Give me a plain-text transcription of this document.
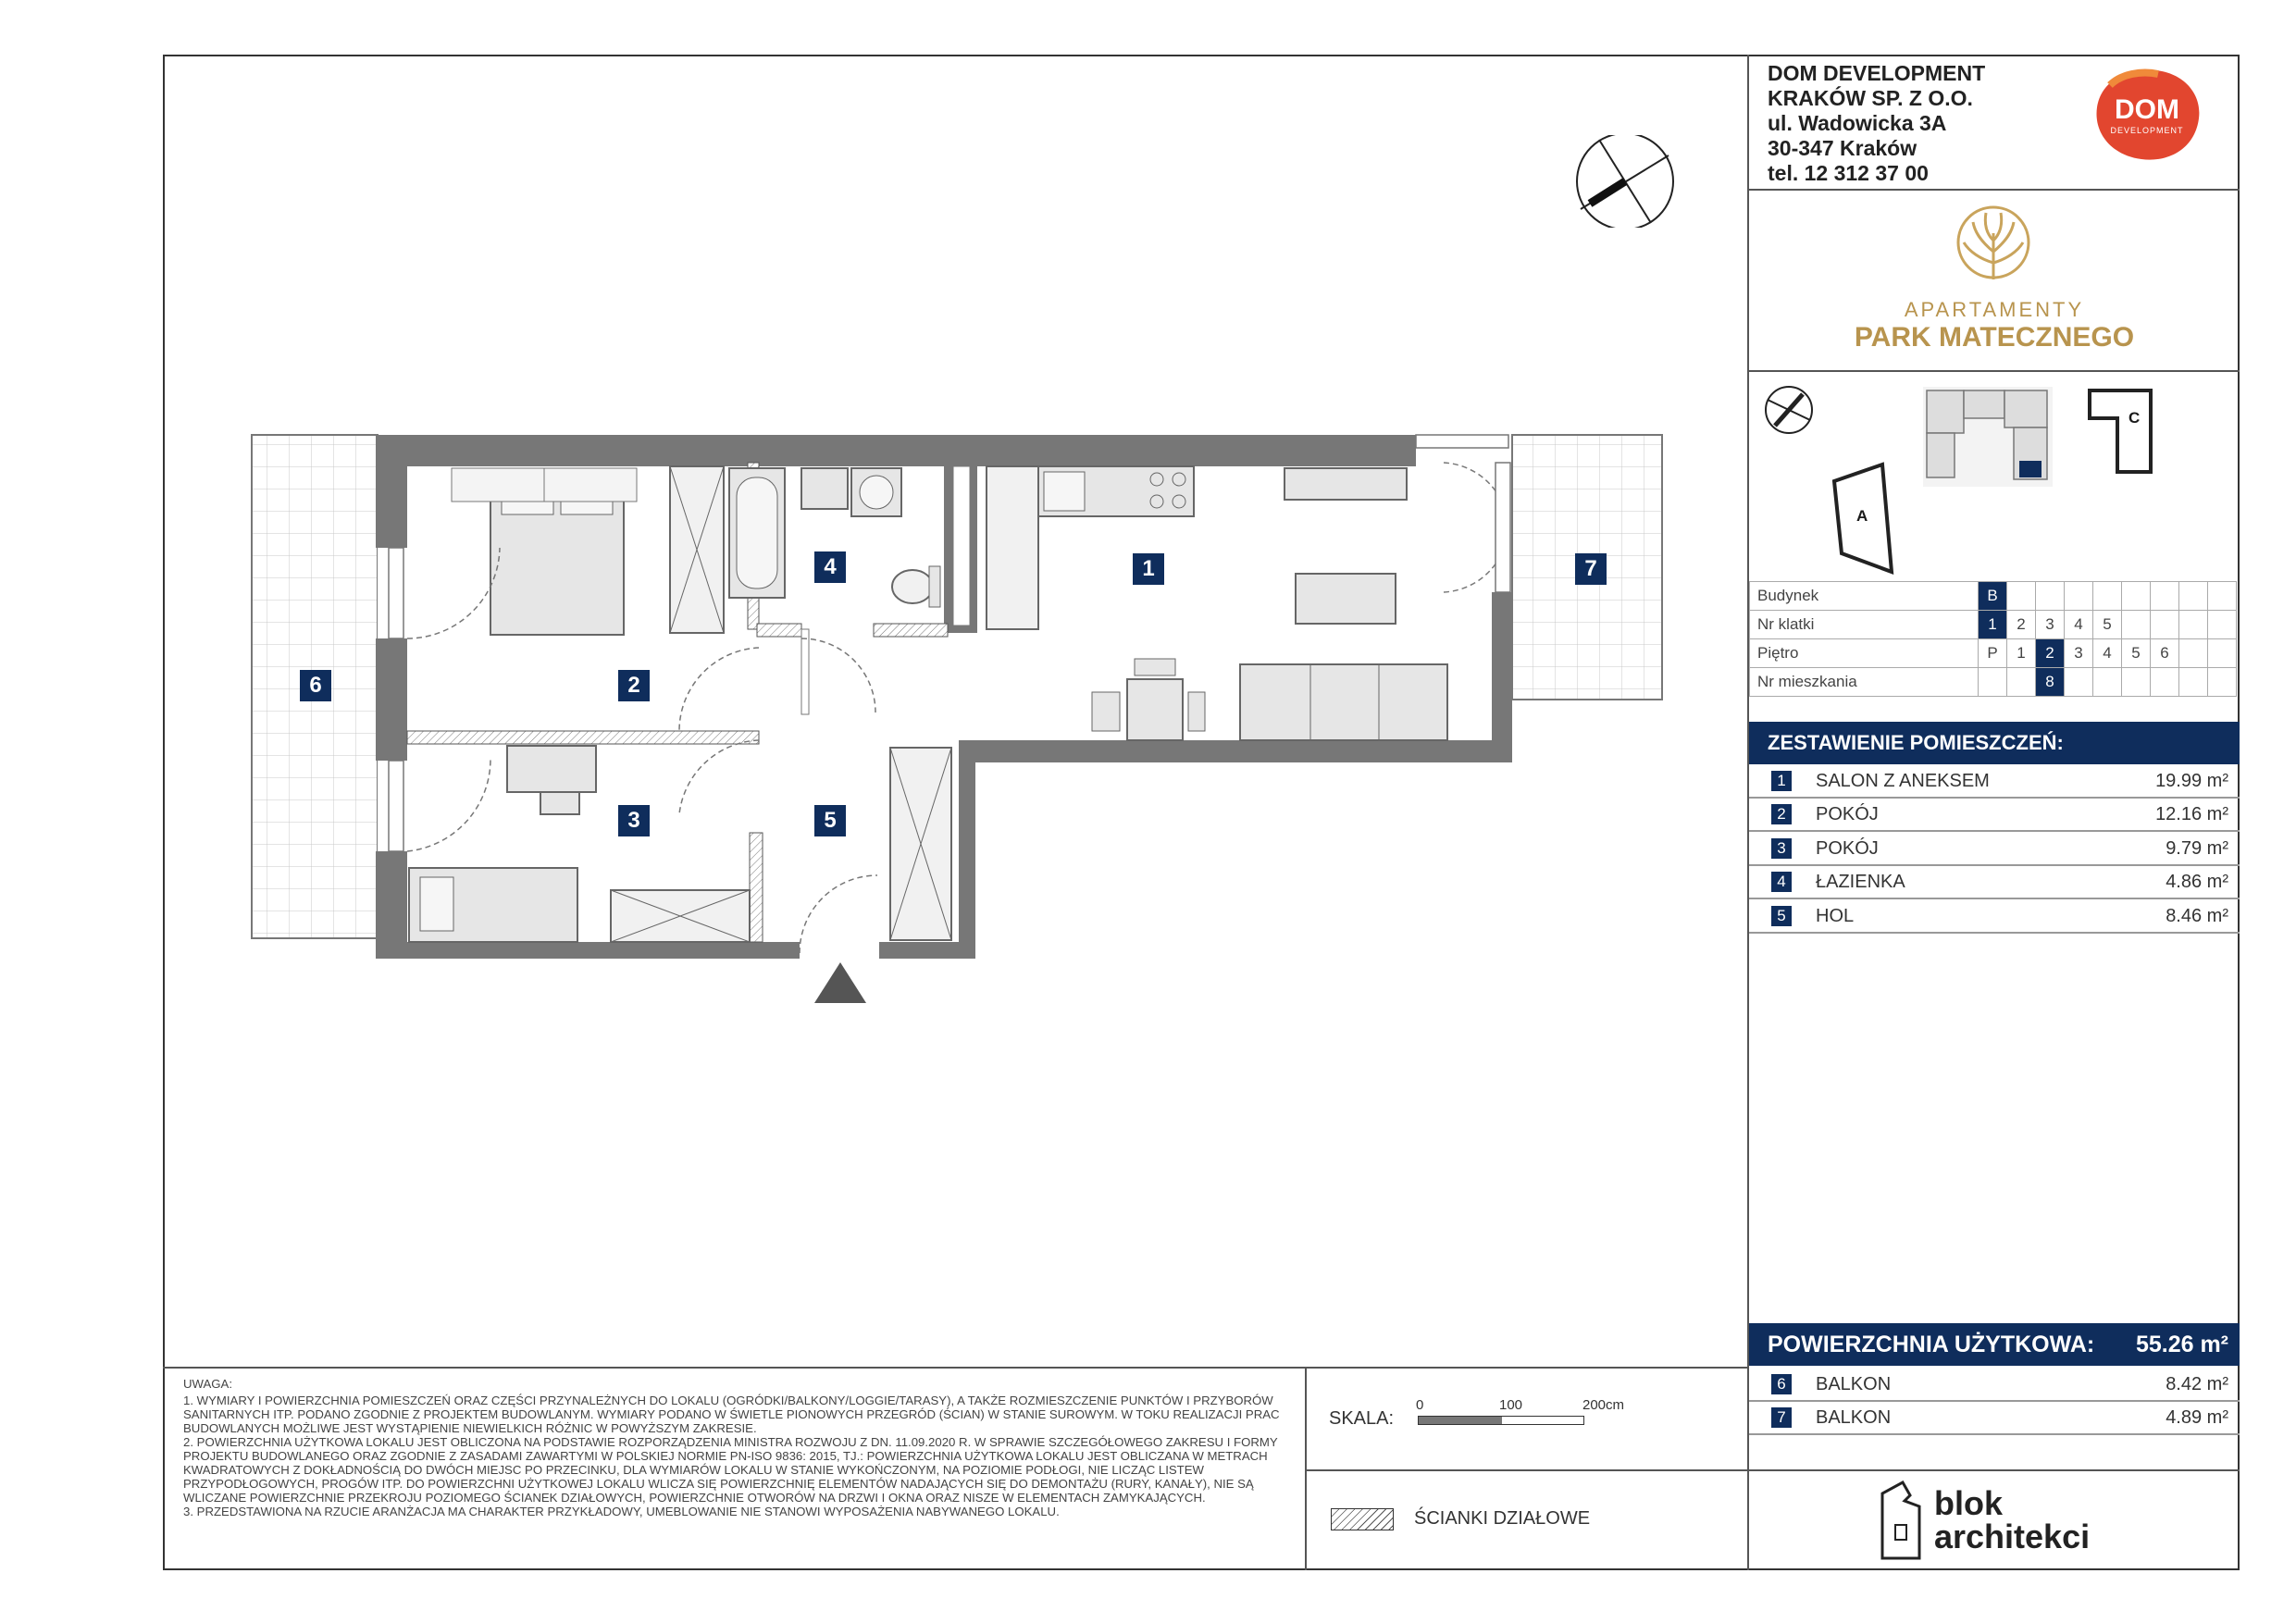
DOM DEVELOPMENT
KRAKÓW SP. Z O.O.
ul. Wadowicka 3A
30-347 Kraków
tel. 12 312 37 00
DOM
DEVELOPMENT
APARTAMENTY
PARK MATECZNEGO
A
C
Budynek	B								
Nr klatki	1	2	3	4	5				
Piętro	P	1	2	3	4	5	6		
Nr mieszkania			8						
ZESTAWIENIE POMIESZCZEŃ:
1	SALON Z ANEKSEM	19.99 m²
2	POKÓJ	12.16 m²
3	POKÓJ	9.79 m²
4	ŁAZIENKA	4.86 m²
5	HOL	8.46 m²
POWIERZCHNIA UŻYTKOWA: 55.26 m²
6	BALKON	8.42 m²
7	BALKON	4.89 m²
blok
architekci
SKALA:
0	100	200cm
ŚCIANKI DZIAŁOWE

UWAGA:

1. WYMIARY I POWIERZCHNIA POMIESZCZEŃ ORAZ CZĘŚCI PRZYNALEŻNYCH DO LOKALU (OGRÓDKI/BALKONY/LOGGIE/TARASY), A TAKŻE ROZMIESZCZENIE PUNKTÓW I PRZYBORÓW SANITARNYCH ITP. PODANO ZGODNIE Z PROJEKTEM BUDOWLANYM. WYMIARY PODANO W ŚWIETLE PIONOWYCH PRZEGRÓD (ŚCIAN) W STANIE SUROWYM. W TOKU REALIZACJI PRAC BUDOWLANYCH MOŻLIWE JEST WYSTĄPIENIE NIEWIELKICH RÓŻNIC W POWYŻSZYM ZAKRESIE.

2. POWIERZCHNIA UŻYTKOWA LOKALU JEST OBLICZONA NA PODSTAWIE ROZPORZĄDZENIA MINISTRA ROZWOJU Z DN. 11.09.2020 R. W SPRAWIE SZCZEGÓŁOWEGO ZAKRESU I FORMY PROJEKTU BUDOWLANEGO ORAZ ZGODNIE Z ZASADAMI ZAWARTYMI W POLSKIEJ NORMIE PN-ISO 9836: 2015, TJ.: POWIERZCHNIA UŻYTKOWA LOKALU JEST OBLICZANA W METRACH KWADRATOWYCH Z DOKŁADNOŚCIĄ DO DWÓCH MIEJSC PO PRZECINKU, DLA WYMIARÓW LOKALU W STANIE WYKOŃCZONYM, NA POZIOMIE PODŁOGI, NIE LICZĄC LISTEW PRZYPODŁOGOWYCH, PROGÓW ITP. DO POWIERZCHNI UŻYTKOWEJ LOKALU WLICZA SIĘ POWIERZCHNIĘ ELEMENTÓW NADAJĄCYCH SIĘ DO DEMONTAŻU (RURY, KANAŁY), NIE SĄ WLICZANE POWIERZCHNIE PRZEKROJU POZIOMEGO ŚCIANEK DZIAŁOWYCH, POWIERZCHNIE OTWORÓW NA DRZWI I OKNA ORAZ NISZE W ELEMENTACH ZAMYKAJĄCYCH.

3. PRZEDSTAWIONA NA RZUCIE ARANŻACJA MA CHARAKTER PRZYKŁADOWY, UMEBLOWANIE NIE STANOWI WYPOSAŻENIA NABYWANEGO LOKALU.

1
2
3
4
5
6
7
